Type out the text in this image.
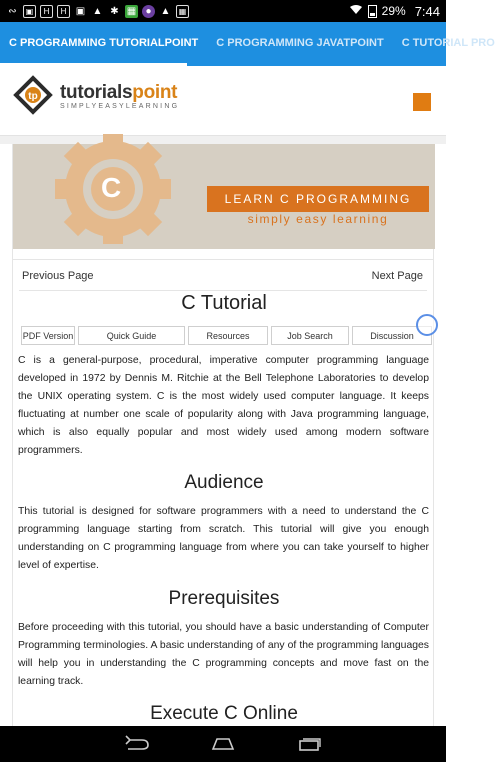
∾	▣	H	H ▣ ▲ ✱ ▦ ● ▲	▦	29% 7:44
C PROGRAMMING TUTORIALPOINT	C PROGRAMMING JAVATPOINT	C TUTORIAL PRO
tp tutorialspoint
SIMPLYEASYLEARNING
C	LEARN C PROGRAMMING
simply easy learning
Previous Page	Next Page
C Tutorial
PDF Version	Quick Guide	Resources	Job Search	Discussion

C is a general-purpose, procedural, imperative computer programming language developed in 1972 by Dennis M. Ritchie at the Bell Telephone Laboratories to develop the UNIX operating system. C is the most widely used computer language. It keeps fluctuating at number one scale of popularity along with Java programming language, which is also equally popular and most widely used among modern software programmers.

Audience

This tutorial is designed for software programmers with a need to understand the C programming language starting from scratch. This tutorial will give you enough understanding on C programming language from where you can take yourself to higher level of expertise.

Prerequisites

Before proceeding with this tutorial, you should have a basic understanding of Computer Programming terminologies. A basic understanding of any of the programming languages will help you in understanding the C programming concepts and move fast on the learning track.

Execute C Online
